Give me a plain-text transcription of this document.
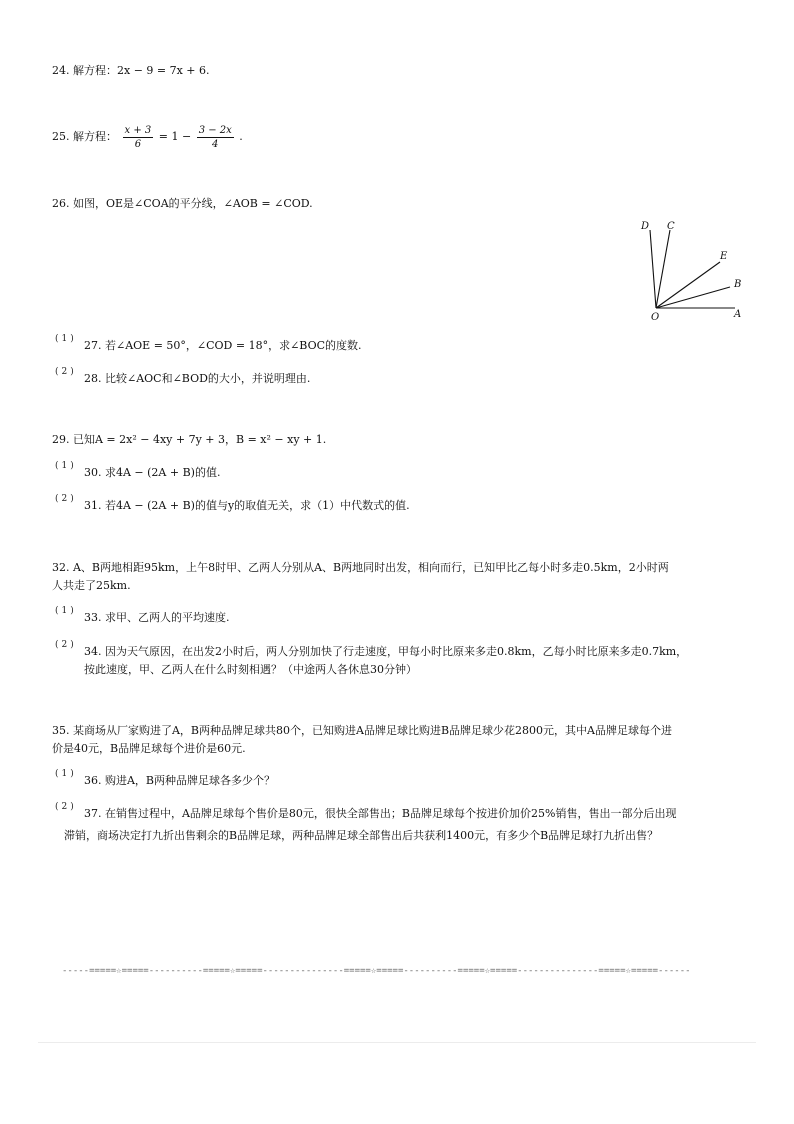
24. 解方程：2x − 9 = 7x + 6.
25. 解方程： $\frac{x + 3}{6} = 1 - \frac{3 - 2x}{4}$ .
26. 如图，OE是∠COA的平分线，∠AOB = ∠COD.
D C
E
B
O	A
(1) 27. 若∠AOE = 50°，∠COD = 18°，求∠BOC的度数.
(2) 28. 比较∠AOC和∠BOD的大小，并说明理由.
29. 已知A = 2x² − 4xy + 7y + 3，B = x² − xy + 1.
(1) 30. 求4A − (2A + B)的值.
(2) 31. 若4A − (2A + B)的值与y的取值无关，求（1）中代数式的值.
32. A、B两地相距95km，上午8时甲、乙两人分别从A、B两地同时出发，相向而行，已知甲比乙每小时多走0.5km，2小时两
人共走了25km.
(1) 33. 求甲、乙两人的平均速度.
(2) 34. 因为天气原因，在出发2小时后，两人分别加快了行走速度，甲每小时比原来多走0.8km，乙每小时比原来多走0.7km，
按此速度，甲、乙两人在什么时刻相遇？（中途两人各休息30分钟）
35. 某商场从厂家购进了A，B两种品牌足球共80个，已知购进A品牌足球比购进B品牌足球少花2800元，其中A品牌足球每个进
价是40元，B品牌足球每个进价是60元.
(1) 36. 购进A，B两种品牌足球各多少个？
(2) 37. 在销售过程中，A品牌足球每个售价是80元，很快全部售出；B品牌足球每个按进价加价25%销售，售出一部分后出现
滞销，商场决定打九折出售剩余的B品牌足球，两种品牌足球全部售出后共获利1400元，有多少个B品牌足球打九折出售？
-----=====☆=====----------=====☆=====---------------=====☆=====----------=====☆=====---------------=====☆=====------
